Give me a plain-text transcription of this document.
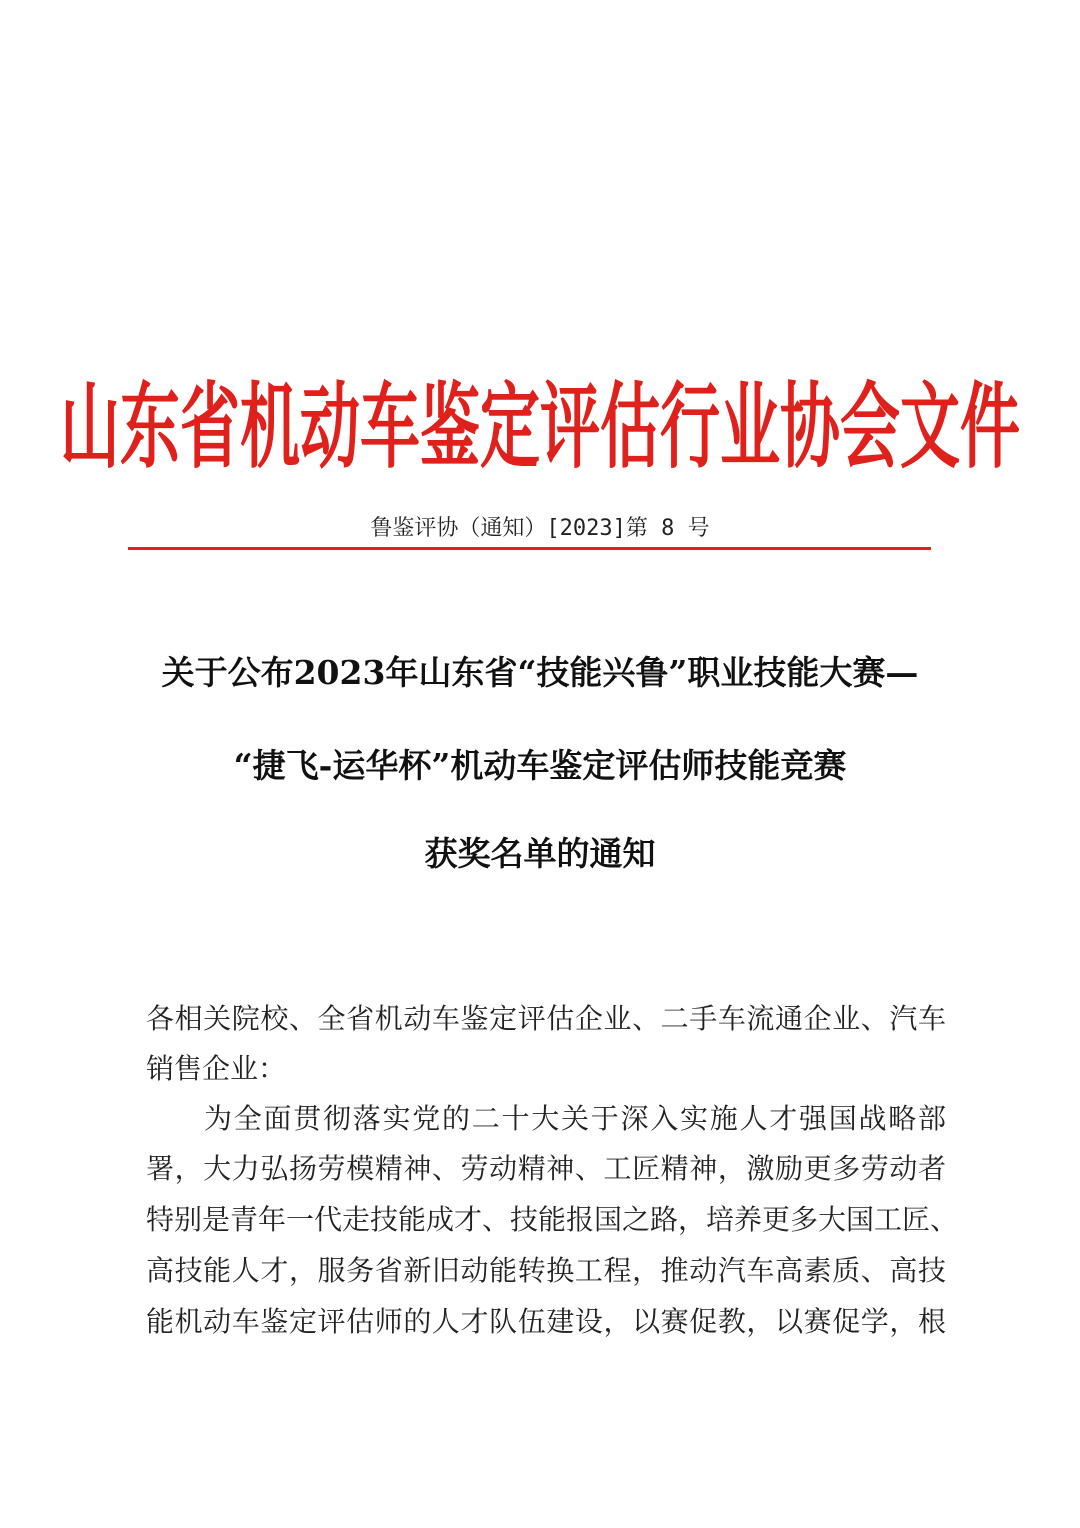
山东省机动车鉴定评估行业协会文件
鲁鉴评协（通知）[2023]第 8 号
关于公布2023年山东省“技能兴鲁”职业技能大赛—
“捷飞-运华杯”机动车鉴定评估师技能竞赛
获奖名单的通知
各相关院校、全省机动车鉴定评估企业、二手车流通企业、汽车
销售企业：
为全面贯彻落实党的二十大关于深入实施人才强国战略部
署，大力弘扬劳模精神、劳动精神、工匠精神，激励更多劳动者
特别是青年一代走技能成才、技能报国之路，培养更多大国工匠、
高技能人才，服务省新旧动能转换工程，推动汽车高素质、高技
能机动车鉴定评估师的人才队伍建设，以赛促教，以赛促学，根
